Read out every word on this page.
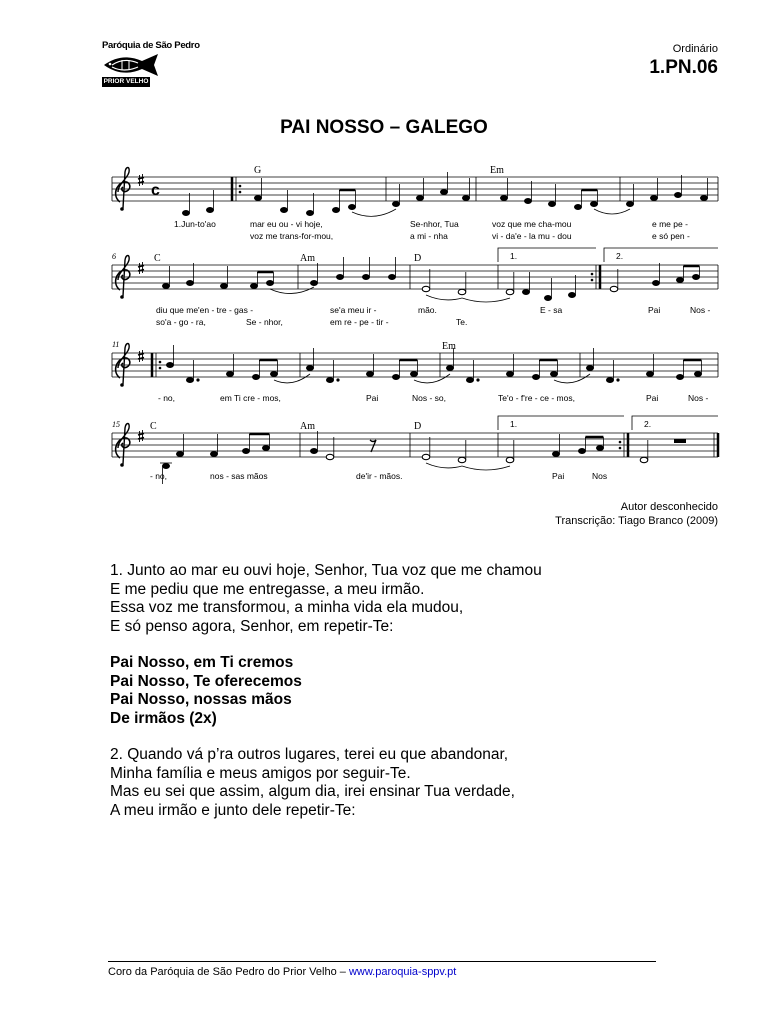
Paróquia de São Pedro
PRIOR VELHO
Ordinário
1.PN.06
PAI NOSSO – GALEGO
c
G	Em
1.Jun-to'ao	mar eu ou - vi hoje,	Se-nhor, Tua	voz que me cha-mou	e me pe -
voz me trans-for-mou,	a mi - nha	vi - da'e - la mu - dou	e só pen -
6	1.	2.
C	Am	D
diu que me'en - tre - gas -	se'a meu ir -	mão.	E - sa	Pai	Nos -
so'a - go - ra,	Se - nhor,	em re - pe - tir -	Te.
11	Em
- no,	em Ti cre - mos,	Pai	Nos - so,	Te'o - f're - ce - mos,	Pai	Nos -
15	1.	2.
C	Am	D
- no,	nos - sas mãos	de'ir - mãos.	Pai	Nos
Autor desconhecido
Transcrição: Tiago Branco (2009)
1. Junto ao mar eu ouvi hoje, Senhor, Tua voz que me chamou
E me pediu que me entregasse, a meu irmão.
Essa voz me transformou, a minha vida ela mudou,
E só penso agora, Senhor, em repetir-Te:
Pai Nosso, em Ti cremos
Pai Nosso, Te oferecemos
Pai Nosso, nossas mãos
De irmãos (2x)
2. Quando vá p’ra outros lugares, terei eu que abandonar,
Minha família e meus amigos por seguir-Te.
Mas eu sei que assim, algum dia, irei ensinar Tua verdade,
A meu irmão e junto dele repetir-Te:
Coro da Paróquia de São Pedro do Prior Velho – www.paroquia-sppv.pt
